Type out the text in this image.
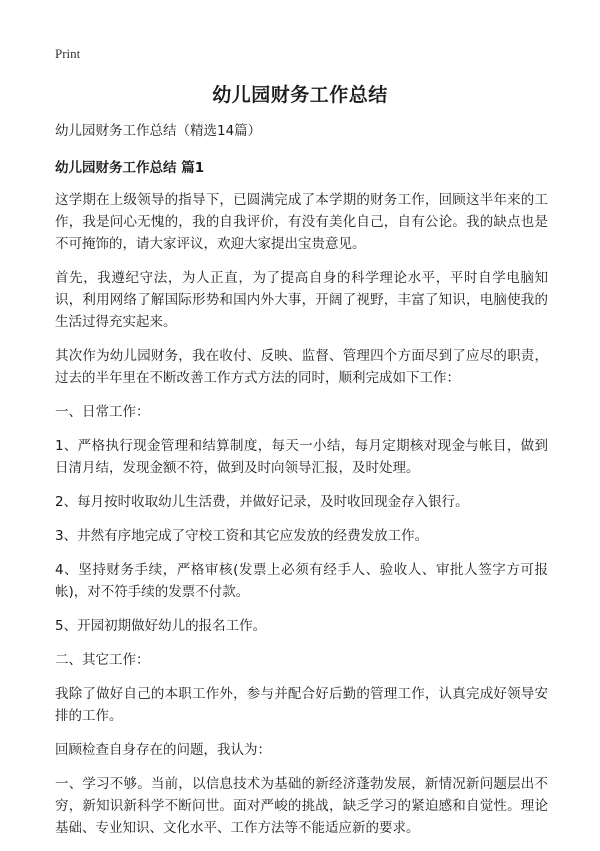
Print
幼儿园财务工作总结

幼儿园财务工作总结（精选14篇）

幼儿园财务工作总结 篇1

这学期在上级领导的指导下，已圆满完成了本学期的财务工作，回顾这半年来的工作，我是问心无愧的，我的自我评价，有没有美化自己，自有公论。我的缺点也是不可掩饰的，请大家评议，欢迎大家提出宝贵意见。

首先，我遵纪守法，为人正直，为了提高自身的科学理论水平，平时自学电脑知识，利用网络了解国际形势和国内外大事，开阔了视野，丰富了知识，电脑使我的生活过得充实起来。

其次作为幼儿园财务，我在收付、反映、监督、管理四个方面尽到了应尽的职责，过去的半年里在不断改善工作方式方法的同时，顺利完成如下工作：

一、日常工作：

1、严格执行现金管理和结算制度，每天一小结，每月定期核对现金与帐目，做到日清月结，发现金额不符，做到及时向领导汇报，及时处理。

2、每月按时收取幼儿生活费，并做好记录，及时收回现金存入银行。

3、井然有序地完成了守校工资和其它应发放的经费发放工作。

4、坚持财务手续，严格审核(发票上必须有经手人、验收人、审批人签字方可报帐)，对不符手续的发票不付款。

5、开园初期做好幼儿的报名工作。

二、其它工作：

我除了做好自己的本职工作外，参与并配合好后勤的管理工作，认真完成好领导安排的工作。

回顾检查自身存在的问题，我认为：

一、学习不够。当前，以信息技术为基础的新经济蓬勃发展，新情况新问题层出不穷，新知识新科学不断问世。面对严峻的挑战，缺乏学习的紧迫感和自觉性。理论基础、专业知识、文化水平、工作方法等不能适应新的要求。
